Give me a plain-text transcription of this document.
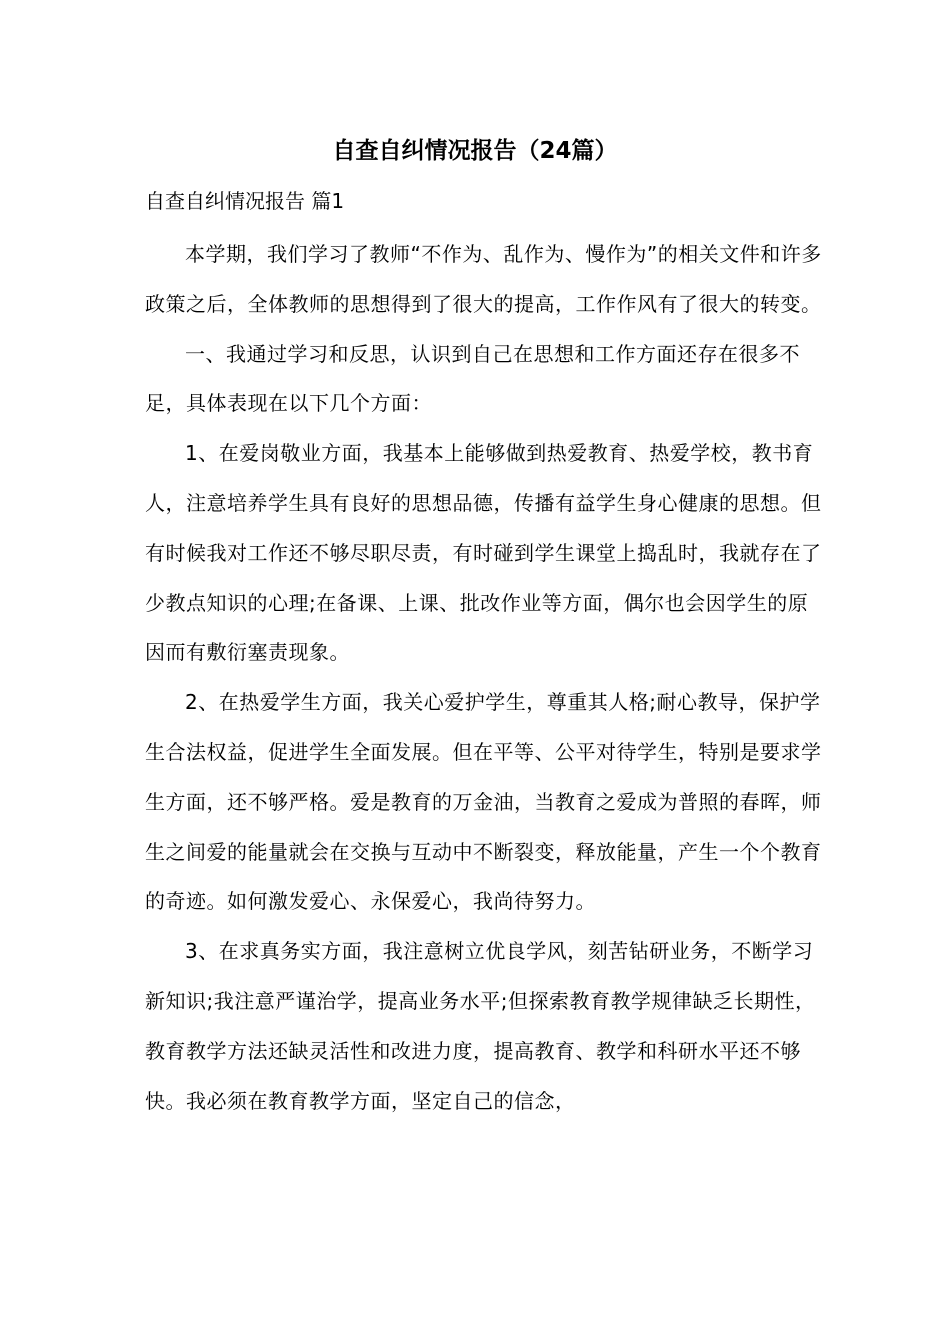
自查自纠情况报告（24篇）
自查自纠情况报告 篇1

本学期，我们学习了教师“不作为、乱作为、慢作为”的相关文件和许多政策之后，全体教师的思想得到了很大的提高，工作作风有了很大的转变。

一、我通过学习和反思，认识到自己在思想和工作方面还存在很多不足，具体表现在以下几个方面：

1、在爱岗敬业方面，我基本上能够做到热爱教育、热爱学校，教书育人，注意培养学生具有良好的思想品德，传播有益学生身心健康的思想。但有时候我对工作还不够尽职尽责，有时碰到学生课堂上捣乱时，我就存在了少教点知识的心理;在备课、上课、批改作业等方面，偶尔也会因学生的原因而有敷衍塞责现象。

2、在热爱学生方面，我关心爱护学生，尊重其人格;耐心教导，保护学生合法权益，促进学生全面发展。但在平等、公平对待学生，特别是要求学生方面，还不够严格。爱是教育的万金油，当教育之爱成为普照的春晖，师生之间爱的能量就会在交换与互动中不断裂变，释放能量，产生一个个教育的奇迹。如何激发爱心、永保爱心，我尚待努力。

3、在求真务实方面，我注意树立优良学风，刻苦钻研业务，不断学习新知识;我注意严谨治学，提高业务水平;但探索教育教学规律缺乏长期性，教育教学方法还缺灵活性和改进力度，提高教育、教学和科研水平还不够快。我必须在教育教学方面，坚定自己的信念，
